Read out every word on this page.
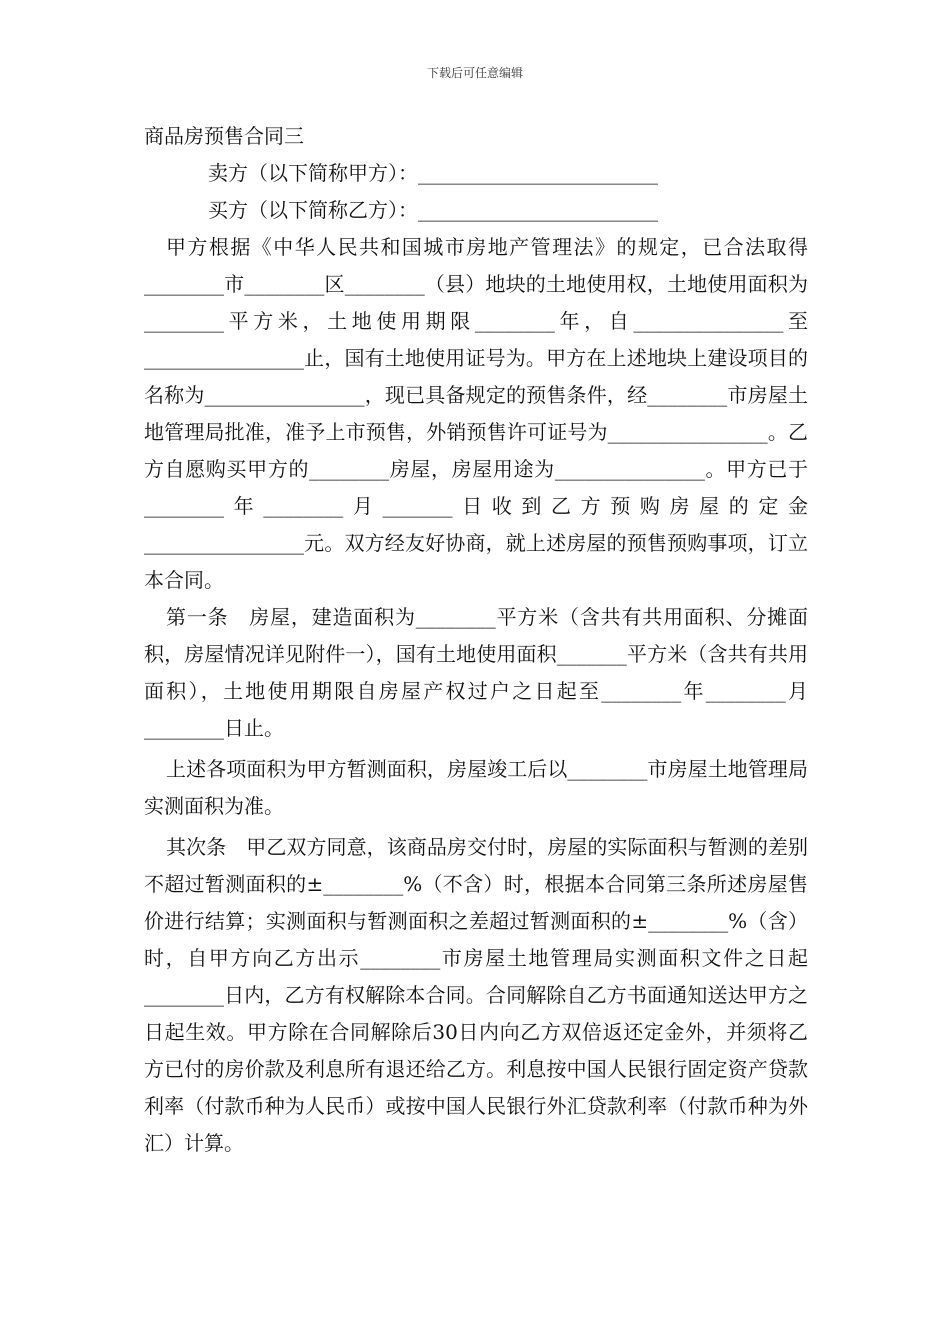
下载后可任意编辑

商品房预售合同三

卖方（以下简称甲方）：________________________

买方（以下简称乙方）：________________________

甲方根据《中华人民共和国城市房地产管理法》的规定，已合法取得________市________区________（县）地块的土地使用权，土地使用面积为________平方米，土地使用期限________年，自_______________至________________止，国有土地使用证号为。甲方在上述地块上建设项目的名称为________________，现已具备规定的预售条件，经________市房屋土地管理局批准，准予上市预售，外销预售许可证号为________________。乙方自愿购买甲方的________房屋，房屋用途为_______________。甲方已于________年________月_______日收到乙方预购房屋的定金________________元。双方经友好协商，就上述房屋的预售预购事项，订立本合同。

第一条　房屋，建造面积为________平方米（含共有共用面积、分摊面积，房屋情况详见附件一），国有土地使用面积_______平方米（含共有共用面积），土地使用期限自房屋产权过户之日起至________年________月________日止。

上述各项面积为甲方暂测面积，房屋竣工后以________市房屋土地管理局实测面积为准。

其次条　甲乙双方同意，该商品房交付时，房屋的实际面积与暂测的差别不超过暂测面积的±________%（不含）时，根据本合同第三条所述房屋售价进行结算；实测面积与暂测面积之差超过暂测面积的±________%（含）时，自甲方向乙方出示________市房屋土地管理局实测面积文件之日起________日内，乙方有权解除本合同。合同解除自乙方书面通知送达甲方之日起生效。甲方除在合同解除后30日内向乙方双倍返还定金外，并须将乙方已付的房价款及利息所有退还给乙方。利息按中国人民银行固定资产贷款利率（付款币种为人民币）或按中国人民银行外汇贷款利率（付款币种为外汇）计算。
